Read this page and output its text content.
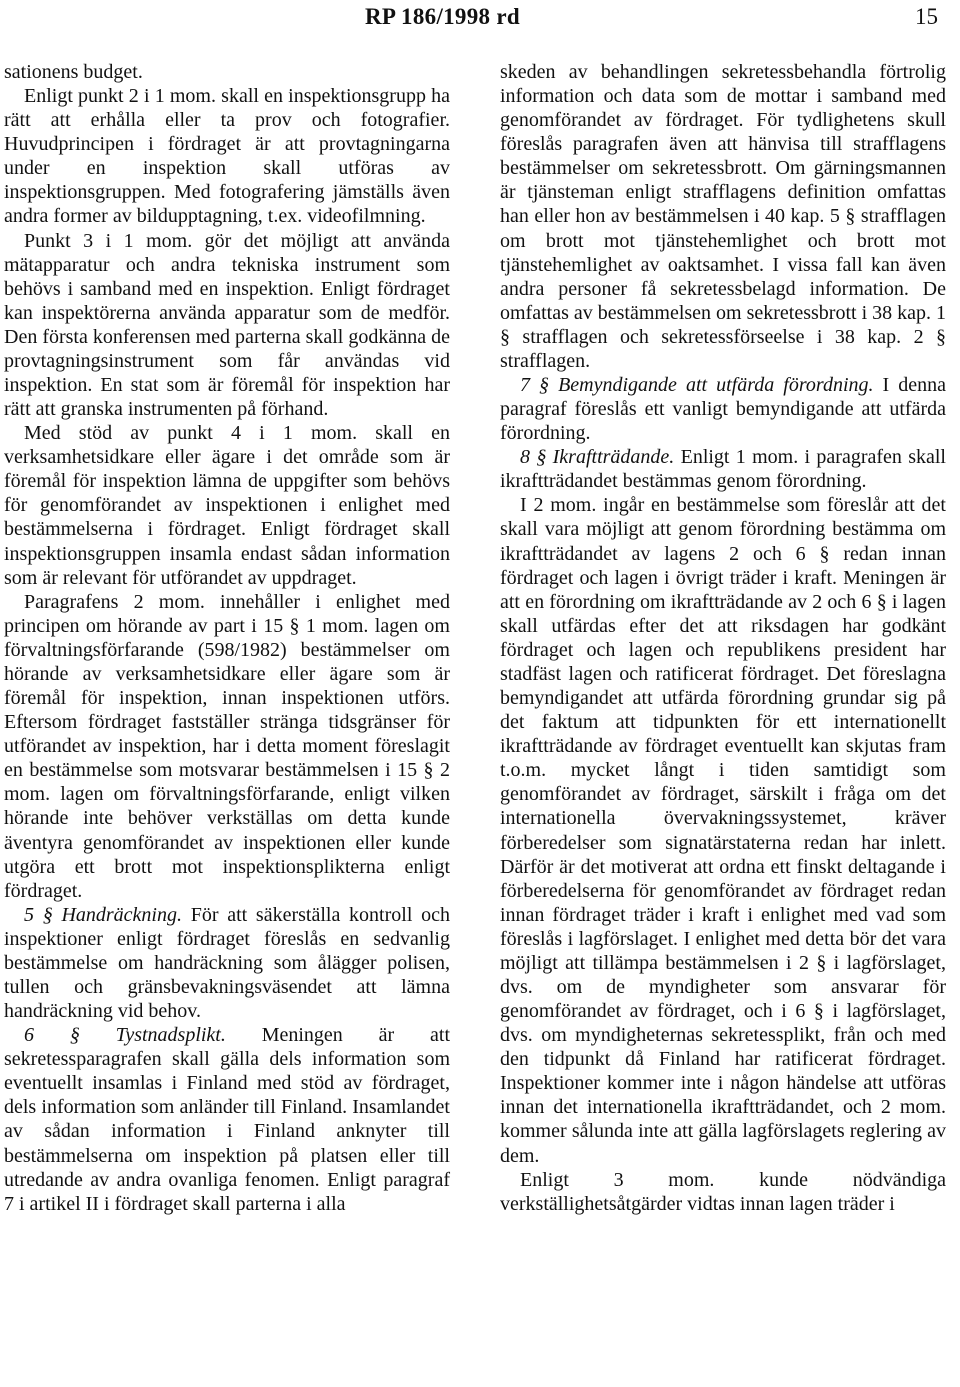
RP 186/1998 rd	15

sationens budget.

Enligt punkt 2 i 1 mom. skall en inspektionsgrupp ha rätt att erhålla eller ta prov och fotografier. Huvudprincipen i fördraget är att provtagningarna under en inspektion skall utföras av inspektionsgruppen. Med fotografering jämställs även andra former av bildupptagning, t.ex. videofilmning.

Punkt 3 i 1 mom. gör det möjligt att använda mätapparatur och andra tekniska instrument som behövs i samband med en inspektion. Enligt fördraget kan inspektörerna använda apparatur som de medför. Den första konferensen med parterna skall godkänna de provtagningsinstrument som får användas vid inspektion. En stat som är föremål för inspektion har rätt att granska instrumenten på förhand.

Med stöd av punkt 4 i 1 mom. skall en verksamhetsidkare eller ägare i det område som är föremål för inspektion lämna de uppgifter som behövs för genomförandet av inspektionen i enlighet med bestämmelserna i fördraget. Enligt fördraget skall inspektionsgruppen insamla endast sådan information som är relevant för utförandet av uppdraget.

Paragrafens 2 mom. innehåller i enlighet med principen om hörande av part i 15 § 1 mom. lagen om förvaltningsförfarande (598/1982) bestämmelser om hörande av verksamhetsidkare eller ägare som är föremål för inspektion, innan inspektionen utförs. Eftersom fördraget fastställer stränga tidsgränser för utförandet av inspektion, har i detta moment föreslagit en bestämmelse som motsvarar bestämmelsen i 15 § 2 mom. lagen om förvaltningsförfarande, enligt vilken hörande inte behöver verkställas om detta kunde äventyra genomförandet av inspektionen eller kunde utgöra ett brott mot inspektionsplikterna enligt fördraget.

5 § Handräckning. För att säkerställa kontroll och inspektioner enligt fördraget föreslås en sedvanlig bestämmelse om handräckning som ålägger polisen, tullen och gränsbevakningsväsendet att lämna handräckning vid behov.

6 § Tystnadsplikt. Meningen är att sekretessparagrafen skall gälla dels information som eventuellt insamlas i Finland med stöd av fördraget, dels information som anländer till Finland. Insamlandet av sådan information i Finland anknyter till bestämmelserna om inspektion på platsen eller till utredande av andra ovanliga fenomen. Enligt paragraf 7 i artikel II i fördraget skall parterna i alla

skeden av behandlingen sekretessbehandla förtrolig information och data som de mottar i samband med genomförandet av fördraget. För tydlighetens skull föreslås paragrafen även att hänvisa till strafflagens bestämmelser om sekretessbrott. Om gärningsmannen är tjänsteman enligt strafflagens definition omfattas han eller hon av bestämmelsen i 40 kap. 5 § strafflagen om brott mot tjänstehemlighet och brott mot tjänstehemlighet av oaktsamhet. I vissa fall kan även andra personer få sekretessbelagd information. De omfattas av bestämmelsen om sekretessbrott i 38 kap. 1 § strafflagen och sekretessförseelse i 38 kap. 2 § strafflagen.

7 § Bemyndigande att utfärda förordning. I denna paragraf föreslås ett vanligt bemyndigande att utfärda förordning.

8 § Ikraftträdande. Enligt 1 mom. i paragrafen skall ikraftträdandet bestämmas genom förordning.

I 2 mom. ingår en bestämmelse som föreslår att det skall vara möjligt att genom förordning bestämma om ikraftträdandet av lagens 2 och 6 § redan innan fördraget och lagen i övrigt träder i kraft. Meningen är att en förordning om ikraftträdande av 2 och 6 § i lagen skall utfärdas efter det att riksdagen har godkänt fördraget och lagen och republikens president har stadfäst lagen och ratificerat fördraget. Det föreslagna bemyndigandet att utfärda förordning grundar sig på det faktum att tidpunkten för ett internationellt ikraftträdande av fördraget eventuellt kan skjutas fram t.o.m. mycket långt i tiden samtidigt som genomförandet av fördraget, särskilt i fråga om det internationella övervakningssystemet, kräver förberedelser som signatärstaterna redan har inlett. Därför är det motiverat att ordna ett finskt deltagande i förberedelserna för genomförandet av fördraget redan innan fördraget träder i kraft i enlighet med vad som föreslås i lagförslaget. I enlighet med detta bör det vara möjligt att tillämpa bestämmelsen i 2 § i lagförslaget, dvs. om de myndigheter som ansvarar för genomförandet av fördraget, och i 6 § i lagförslaget, dvs. om myndigheternas sekretessplikt, från och med den tidpunkt då Finland har ratificerat fördraget. Inspektioner kommer inte i någon händelse att utföras innan det internationella ikraftträdandet, och 2 mom. kommer sålunda inte att gälla lagförslagets reglering av dem.

Enligt 3 mom. kunde nödvändiga verkställighetsåtgärder vidtas innan lagen träder i
